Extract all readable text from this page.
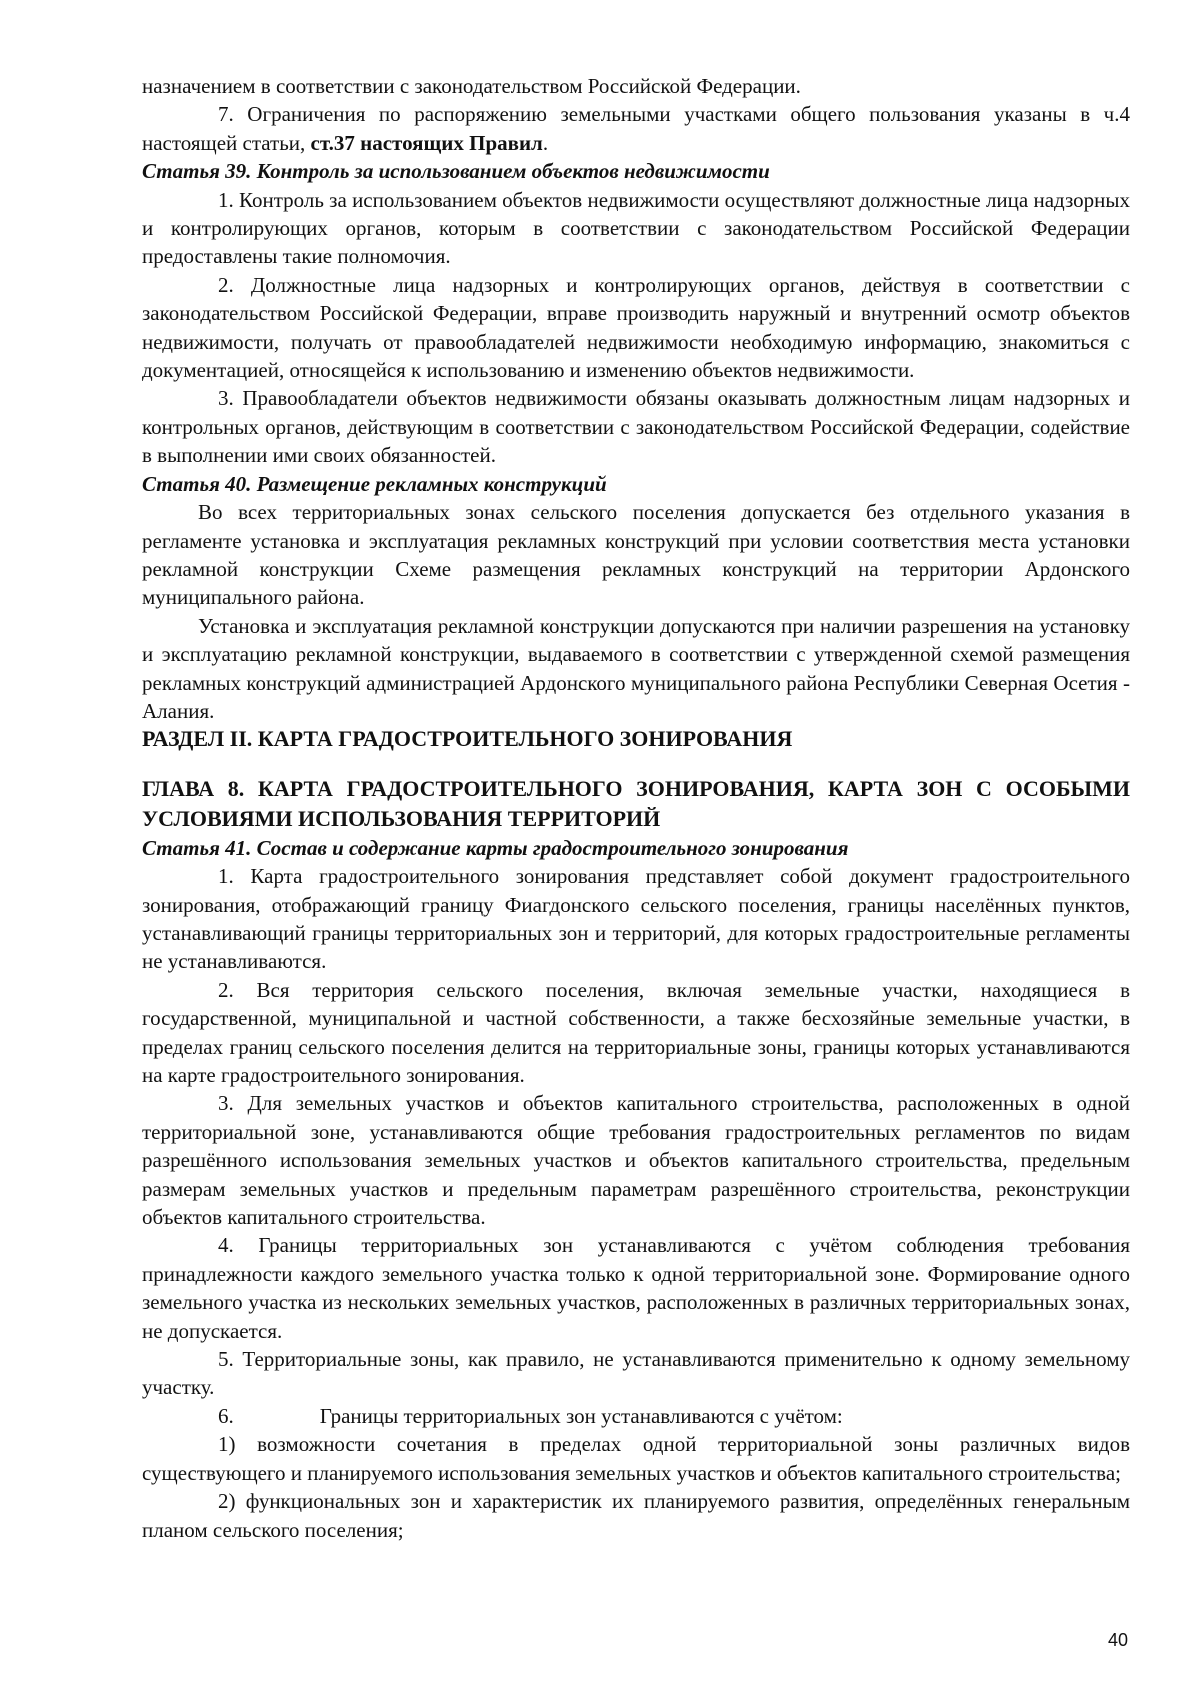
назначением в соответствии с законодательством Российской Федерации.

7. Ограничения по распоряжению земельными участками общего пользования указаны в ч.4 настоящей статьи, ст.37 настоящих Правил.

Статья 39. Контроль за использованием объектов недвижимости

1. Контроль за использованием объектов недвижимости осуществляют должностные лица надзорных и контролирующих органов, которым в соответствии с законодательством Российской Федерации предоставлены такие полномочия.

2. Должностные лица надзорных и контролирующих органов, действуя в соответствии с законодательством Российской Федерации, вправе производить наружный и внутренний осмотр объектов недвижимости, получать от правообладателей недвижимости необходимую информацию, знакомиться с документацией, относящейся к использованию и изменению объектов недвижимости.

3. Правообладатели объектов недвижимости обязаны оказывать должностным лицам надзорных и контрольных органов, действующим в соответствии с законодательством Российской Федерации, содействие в выполнении ими своих обязанностей.

Статья 40. Размещение рекламных конструкций

Во всех территориальных зонах сельского поселения допускается без отдельного указания в регламенте установка и эксплуатация рекламных конструкций при условии соответствия места установки рекламной конструкции Схеме размещения рекламных конструкций на территории Ардонского муниципального района.

Установка и эксплуатация рекламной конструкции допускаются при наличии разрешения на установку и эксплуатацию рекламной конструкции, выдаваемого в соответствии с утвержденной схемой размещения рекламных конструкций администрацией Ардонского муниципального района Республики Северная Осетия - Алания.

РАЗДЕЛ II. КАРТА ГРАДОСТРОИТЕЛЬНОГО ЗОНИРОВАНИЯ

ГЛАВА 8. КАРТА ГРАДОСТРОИТЕЛЬНОГО ЗОНИРОВАНИЯ, КАРТА ЗОН С ОСОБЫМИ УСЛОВИЯМИ ИСПОЛЬЗОВАНИЯ ТЕРРИТОРИЙ

Статья 41. Состав и содержание карты градостроительного зонирования

1. Карта градостроительного зонирования представляет собой документ градостроительного зонирования, отображающий границу Фиагдонского сельского поселения, границы населённых пунктов, устанавливающий границы территориальных зон и территорий, для которых градостроительные регламенты не устанавливаются.

2. Вся территория сельского поселения, включая земельные участки, находящиеся в государственной, муниципальной и частной собственности, а также бесхозяйные земельные участки, в пределах границ сельского поселения делится на территориальные зоны, границы которых устанавливаются на карте градостроительного зонирования.

3. Для земельных участков и объектов капитального строительства, расположенных в одной территориальной зоне, устанавливаются общие требования градостроительных регламентов по видам разрешённого использования земельных участков и объектов капитального строительства, предельным размерам земельных участков и предельным параметрам разрешённого строительства, реконструкции объектов капитального строительства.

4. Границы территориальных зон устанавливаются с учётом соблюдения требования принадлежности каждого земельного участка только к одной территориальной зоне. Формирование одного земельного участка из нескольких земельных участков, расположенных в различных территориальных зонах, не допускается.

5. Территориальные зоны, как правило, не устанавливаются применительно к одному земельному участку.

6.	Границы территориальных зон устанавливаются с учётом:

1) возможности сочетания в пределах одной территориальной зоны различных видов существующего и планируемого использования земельных участков и объектов капитального строительства;

2) функциональных зон и характеристик их планируемого развития, определённых генеральным планом сельского поселения;

40
